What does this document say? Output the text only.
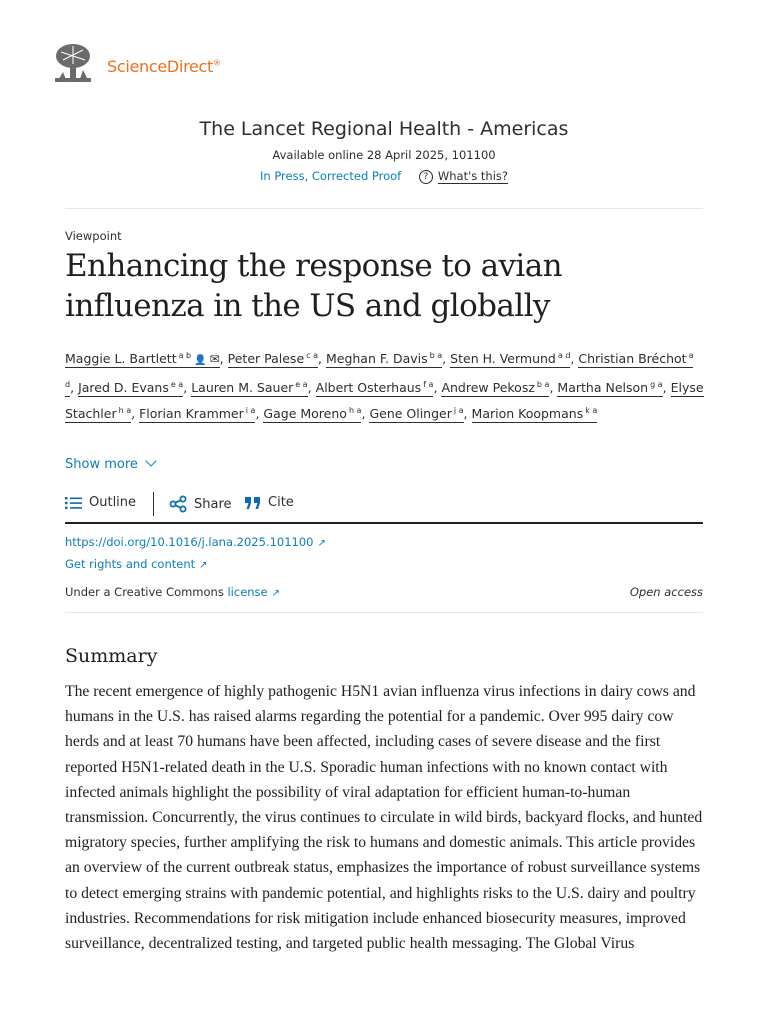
ScienceDirect®
The Lancet Regional Health - Americas
Available online 28 April 2025, 101100
In Press, Corrected Proof ? What's this?
Viewpoint
Enhancing the response to avian influenza in the US and globally
Maggie L. Bartlett $^{a b}$ 👤 ✉, Peter Palese $^{c a}$, Meghan F. Davis $^{b a}$, Sten H. Vermund $^{a d}$, Christian Bréchot $^{a d}$, Jared D. Evans $^{e a}$, Lauren M. Sauer $^{e a}$, Albert Osterhaus $^{f a}$, Andrew Pekosz $^{b a}$, Martha Nelson $^{g a}$, Elyse Stachler $^{h a}$, Florian Krammer $^{i a}$, Gage Moreno $^{h a}$, Gene Olinger $^{j a}$, Marion Koopmans $^{k a}$
Show more
Outline	Share	Cite
https://doi.org/10.1016/j.lana.2025.101100 ↗
Get rights and content ↗
Under a Creative Commons license ↗	Open access
Summary
The recent emergence of highly pathogenic H5N1 avian influenza virus infections in dairy cows and humans in the U.S. has raised alarms regarding the potential for a pandemic. Over 995 dairy cow herds and at least 70 humans have been affected, including cases of severe disease and the first reported H5N1-related death in the U.S. Sporadic human infections with no known contact with infected animals highlight the possibility of viral adaptation for efficient human-to-human transmission. Concurrently, the virus continues to circulate in wild birds, backyard flocks, and hunted migratory species, further amplifying the risk to humans and domestic animals. This article provides an overview of the current outbreak status, emphasizes the importance of robust surveillance systems to detect emerging strains with pandemic potential, and highlights risks to the U.S. dairy and poultry industries. Recommendations for risk mitigation include enhanced biosecurity measures, improved surveillance, decentralized testing, and targeted public health messaging. The Global Virus
